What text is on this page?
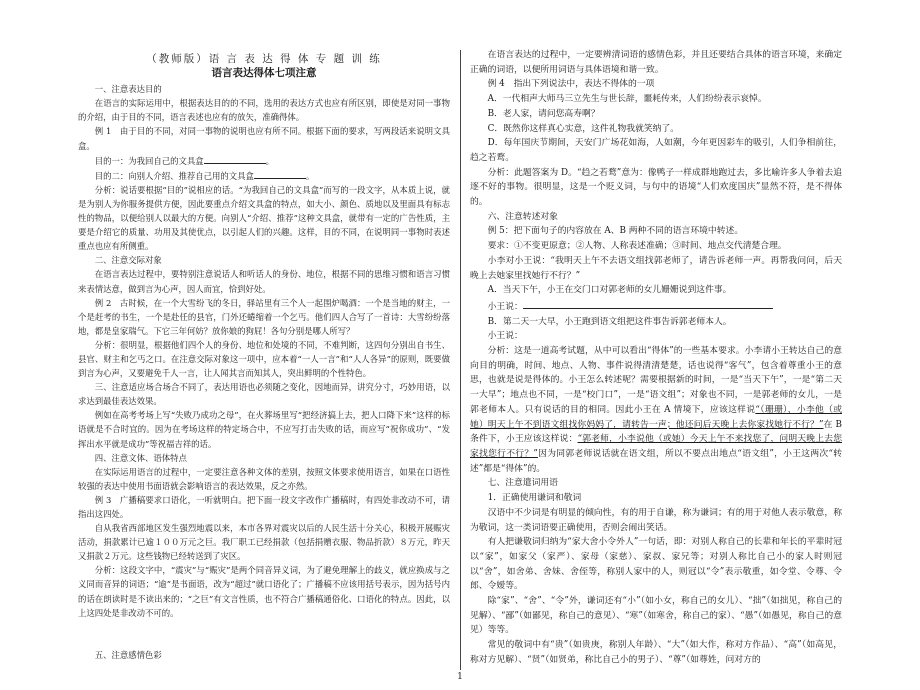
（教师版）语 言 表 达 得 体 专 题 训 练
语言表达得体七项注意

一、注意表达目的

在语言的实际运用中，根据表达目的的不同，选用的表达方式也应有所区别，即使是对同一事物的介绍，由于目的不同，语言表述也应有的放矢，准确得体。

例 1　由于目的不同，对同一事物的说明也应有所不同。根据下面的要求，写两段话来说明文具盒。

目的一：为我回自己的文具盒	。

目的二：向别人介绍、推荐自己用的文具盒	。

分析：说话要根据“目的”说相应的话。“为我回自己的文具盒”而写的一段文字，从本质上说，就是为别人为你服务提供方便，因此要重点介绍文具盒的特点，如大小、颜色、质地以及里面具有标志性的物品，以便给别人以最大的方便。向别人“介绍、推荐”这种文具盒，就带有一定的广告性质，主要是介绍它的质量、功用及其使优点，以引起人们的兴趣。这样，目的不同，在说明同一事物时表述重点也应有所侧重。

二、注意交际对象

在语言表达过程中，要特别注意说话人和听话人的身份、地位，根据不同的思维习惯和语言习惯来表情达意，做到言为心声，因人而宜，恰到好处。

例 2　古时候，在一个大雪纷飞的冬日，驿站里有三个人一起围炉喝酒：一个是当地的财主，一个是赶考的书生，一个是赴任的县官，门外还蜷缩着一个乞丐。他们四人合写了一首诗：大雪纷纷落地，都是皇家瑞气。下它三年何妨？放你娘的狗屁！各句分别是哪人所写？

分析：很明显，根据他们四个人的身份、地位和处境的不同，不难判断，这四句分别出自书生、县官、财主和乞丐之口。在注意交际对象这一项中，应本着“一人一言”和“人人各异”的原则，既要做到言为心声，又要避免千人一言，让人闻其言而知其人，突出鲜明的个性特色。

三、注意适应场合场合不同了，表达用语也必须随之变化，因地而异，讲究分寸，巧妙用语，以求达到最佳表达效果。

例如在高考考场上写“失败乃成功之母”，在火葬场里写“把经济搞上去，把人口降下来”这样的标语就是不合时宜的。因为在考场这样的特定场合中，不应写打击失败的话，而应写“祝你成功”、“发挥出水平就是成功”等祝福吉祥的话。

四、注意文体、语体特点

在实际运用语言的过程中，一定要注意各种文体的差别，按照文体要求使用语言，如果在口语性较强的表达中使用书面语就会影响语言的表达效果，反之亦然。

例 3　广播稿要求口语化，一听就明白。把下面一段文字改作广播稿时，有四处非改动不可，请指出这四处。

自从我省西部地区发生强烈地震以来，本市各界对震灾以后的人民生活十分关心，积极开展赈灾活动，捐款累计已逾１００万元之巨。我厂职工已经捐款（包括捐赠衣服、物品折款）８万元，昨天又捐款２万元。这些钱物已经转送到了灾区。

分析：这段文字中，“震灾”与“赈灾”是两个同音异义词，为了避免理解上的歧义，就应换成与之义同而音异的词语；“逾”是书面语，改为“超过”就口语化了；广播稿不应该用括号表示，因为括号内的话在朗读时是不读出来的；“之巨”有文言性质，也不符合广播稿通俗化、口语化的特点。因此，以上这四处是非改动不可的。

五、注意感情色彩

在语言表达的过程中，一定要辨清词语的感情色彩，并且还要结合具体的语言环境，来确定正确的词语，以便所用词语与具体语境和谐一致。

例 4　指出下列说法中，表达不得体的一项

A．一代相声大师马三立先生与世长辞，噩耗传来，人们纷纷表示哀悼。

B．老人家，请问您高寿啊？

C．既然你这样真心实意，这件礼物我就笑纳了。

D．每年国庆节期间，天安门广场花如海，人如潮，今年更因彩车的吸引，人们争相前往，趋之若鹜。

分析：此题答案为 D。“趋之若鹜”意为：像鸭子一样成群地跑过去，多比喻许多人争着去追逐不好的事物。很明显，这是一个贬义词，与句中的语境“人们欢度国庆”显然不符，是不得体的。

六、注意转述对象

例 5：把下面句子的内容放在 A、B 两种不同的语言环境中转述。

要求：①不变更原意；②人物、人称表述准确；③时间、地点交代清楚合理。

小李对小王说：“我明天上午不去语文组找郭老师了，请告诉老师一声。再帮我问问，后天晚上去她家里找她行不行？”

A．当天下午，小王在交门口对郭老师的女儿姗姗说到这件事。

小王说：

B．第二天一大早，小王跑到语文组把这件事告诉郭老师本人。

小王说：

分析：这是一道高考试题，从中可以看出“得体”的一些基本要求。小李请小王转达自己的意向目的明确，时间、地点、人物、事件说得清清楚楚，话也说得“客气”，包含着尊重小王的意思，也就是说是得体的。小王怎么转述呢？需要根据新的时间，一是“当天下午”，一是“第二天一大早”；地点也不同，一是“校门口”，一是“语文组”；对象也不同，一是郭老师的女儿，一是郭老师本人。只有说话的目的相同。因此小王在 A 情境下，应该这样说“（珊珊），小李他（或她）明天上午不到语文组找你妈妈了，请转告一声；他还问后天晚上去你家找她行不行？”在 B 条件下，小王应该这样说：“郭老师，小李说他（或她）今天上午不来找您了，问明天晚上去您家找您行不行？”因为同郭老师说话就在语文组，所以不要点出地点“语文组”，小王这两次“转述”都是“得体”的。

七、注意遣词用语

1．正确使用谦词和敬词

汉语中不少词是有明显的倾向性，有的用于自谦，称为谦词；有的用于对他人表示敬意，称为敬词，这一类词语要正确使用，否则会闹出笑话。

有人把谦敬词归纳为“家大舍小令外人”一句话，即：对别人称自己的长辈和年长的平辈时冠以“家”，如家父（家严）、家母（家慈）、家叔、家兄等；对别人称比自己小的家人时则冠以“舍”，如舍弟、舍妹、舍侄等，称别人家中的人，则冠以“令”表示敬重，如令堂、令尊、令郎、令嫒等。

除“家”、“舍”、“令”外，谦词还有“小”（如小女，称自己的女儿）、“拙”（如拙见，称自己的见解）、“鄙”（如鄙见，称自己的意见）、“寒”（如寒舍，称自己的家）、“愚”（如愚见，称自己的意见）等等。

常见的敬词中有“贵”（如贵庚，称别人年龄）、“大”（如大作，称对方作品）、“高”（如高见，称对方见解）、“贤”（如贤弟，称比自己小的男子）、“尊”（如尊姓，问对方的

1
